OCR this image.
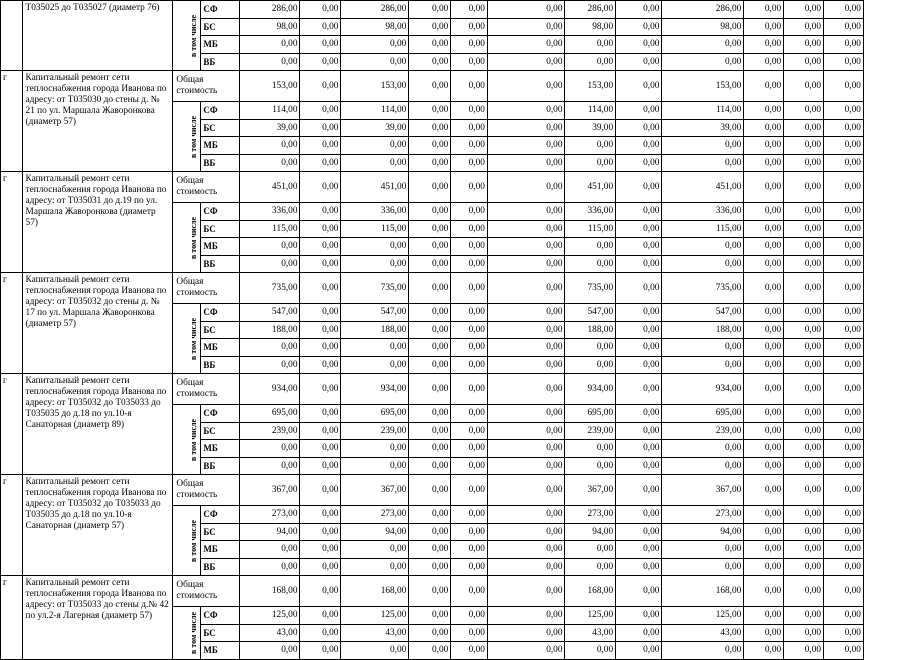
	Т035025 до Т035027 (диаметр 76)	в том числе	СФ	286,00	0,00	286,00	0,00	0,00	0,00	286,00	0,00	286,00	0,00	0,00	0,00
			БС	98,00	0,00	98,00	0,00	0,00	0,00	98,00	0,00	98,00	0,00	0,00	0,00
			МБ	0,00	0,00	0,00	0,00	0,00	0,00	0,00	0,00	0,00	0,00	0,00	0,00
			ВБ	0,00	0,00	0,00	0,00	0,00	0,00	0,00	0,00	0,00	0,00	0,00	0,00
г	Капитальный ремонт сети теплоснабжения города Иванова по адресу: от Т035030 до стены д. № 21 по ул. Маршала Жаворонкова (диаметр 57)	Общая стоимость		153,00	0,00	153,00	0,00	0,00	0,00	153,00	0,00	153,00	0,00	0,00	0,00
		в том числе	СФ	114,00	0,00	114,00	0,00	0,00	0,00	114,00	0,00	114,00	0,00	0,00	0,00
			БС	39,00	0,00	39,00	0,00	0,00	0,00	39,00	0,00	39,00	0,00	0,00	0,00
			МБ	0,00	0,00	0,00	0,00	0,00	0,00	0,00	0,00	0,00	0,00	0,00	0,00
			ВБ	0,00	0,00	0,00	0,00	0,00	0,00	0,00	0,00	0,00	0,00	0,00	0,00
г	Капитальный ремонт сети теплоснабжения города Иванова по адресу: от Т035031 до д.19 по ул. Маршала Жаворонкова (диаметр 57)	Общая стоимость		451,00	0,00	451,00	0,00	0,00	0,00	451,00	0,00	451,00	0,00	0,00	0,00
		в том числе	СФ	336,00	0,00	336,00	0,00	0,00	0,00	336,00	0,00	336,00	0,00	0,00	0,00
			БС	115,00	0,00	115,00	0,00	0,00	0,00	115,00	0,00	115,00	0,00	0,00	0,00
			МБ	0,00	0,00	0,00	0,00	0,00	0,00	0,00	0,00	0,00	0,00	0,00	0,00
			ВБ	0,00	0,00	0,00	0,00	0,00	0,00	0,00	0,00	0,00	0,00	0,00	0,00
г	Капитальный ремонт сети теплоснабжения города Иванова по адресу: от Т035032 до стены д. № 17 по ул. Маршала Жаворонкова (диаметр 57)	Общая стоимость		735,00	0,00	735,00	0,00	0,00	0,00	735,00	0,00	735,00	0,00	0,00	0,00
		в том числе	СФ	547,00	0,00	547,00	0,00	0,00	0,00	547,00	0,00	547,00	0,00	0,00	0,00
			БС	188,00	0,00	188,00	0,00	0,00	0,00	188,00	0,00	188,00	0,00	0,00	0,00
			МБ	0,00	0,00	0,00	0,00	0,00	0,00	0,00	0,00	0,00	0,00	0,00	0,00
			ВБ	0,00	0,00	0,00	0,00	0,00	0,00	0,00	0,00	0,00	0,00	0,00	0,00
г	Капитальный ремонт сети теплоснабжения города Иванова по адресу: от Т035032 до Т035033 до Т035035 до д.18 по ул.10-я Санаторная (диаметр 89)	Общая стоимость		934,00	0,00	934,00	0,00	0,00	0,00	934,00	0,00	934,00	0,00	0,00	0,00
		в том числе	СФ	695,00	0,00	695,00	0,00	0,00	0,00	695,00	0,00	695,00	0,00	0,00	0,00
			БС	239,00	0,00	239,00	0,00	0,00	0,00	239,00	0,00	239,00	0,00	0,00	0,00
			МБ	0,00	0,00	0,00	0,00	0,00	0,00	0,00	0,00	0,00	0,00	0,00	0,00
			ВБ	0,00	0,00	0,00	0,00	0,00	0,00	0,00	0,00	0,00	0,00	0,00	0,00
г	Капитальный ремонт сети теплоснабжения города Иванова по адресу: от Т035032 до Т035033 до Т035035 до д.18 по ул.10-я Санаторная (диаметр 57)	Общая стоимость		367,00	0,00	367,00	0,00	0,00	0,00	367,00	0,00	367,00	0,00	0,00	0,00
		в том числе	СФ	273,00	0,00	273,00	0,00	0,00	0,00	273,00	0,00	273,00	0,00	0,00	0,00
			БС	94,00	0,00	94,00	0,00	0,00	0,00	94,00	0,00	94,00	0,00	0,00	0,00
			МБ	0,00	0,00	0,00	0,00	0,00	0,00	0,00	0,00	0,00	0,00	0,00	0,00
			ВБ	0,00	0,00	0,00	0,00	0,00	0,00	0,00	0,00	0,00	0,00	0,00	0,00
г	Капитальный ремонт сети теплоснабжения города Иванова по адресу: от Т035033 до стены д.№ 42 по ул.2-я Лагерная (диаметр 57)	Общая стоимость		168,00	0,00	168,00	0,00	0,00	0,00	168,00	0,00	168,00	0,00	0,00	0,00
		в том числе	СФ	125,00	0,00	125,00	0,00	0,00	0,00	125,00	0,00	125,00	0,00	0,00	0,00
			БС	43,00	0,00	43,00	0,00	0,00	0,00	43,00	0,00	43,00	0,00	0,00	0,00
			МБ	0,00	0,00	0,00	0,00	0,00	0,00	0,00	0,00	0,00	0,00	0,00	0,00
